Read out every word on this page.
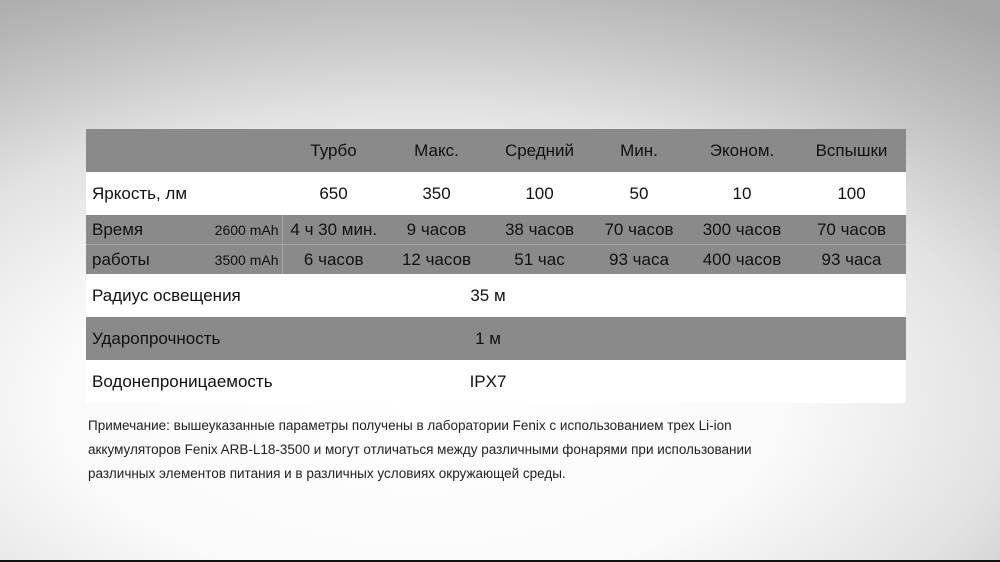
		Турбо	Макс.	Средний	Мин.	Эконом.	Вспышки
Яркость, лм		650	350	100	50	10	100
Время	2600 mAh	4 ч 30 мин.	9 часов	38 часов	70 часов	300 часов	70 часов
работы	3500 mAh	6 часов	12 часов	51 час	93 часа	400 часов	93 часа
Радиус освещения			35 м				
Ударопрочность			1 м				
Водонепроницаемость			IPX7				

Примечание: вышеуказанные параметры получены в лаборатории Fenix с использованием трех Li-ion аккумуляторов Fenix ARB-L18-3500 и могут отличаться между различными фонарями при использовании различных элементов питания и в различных условиях окружающей среды.
